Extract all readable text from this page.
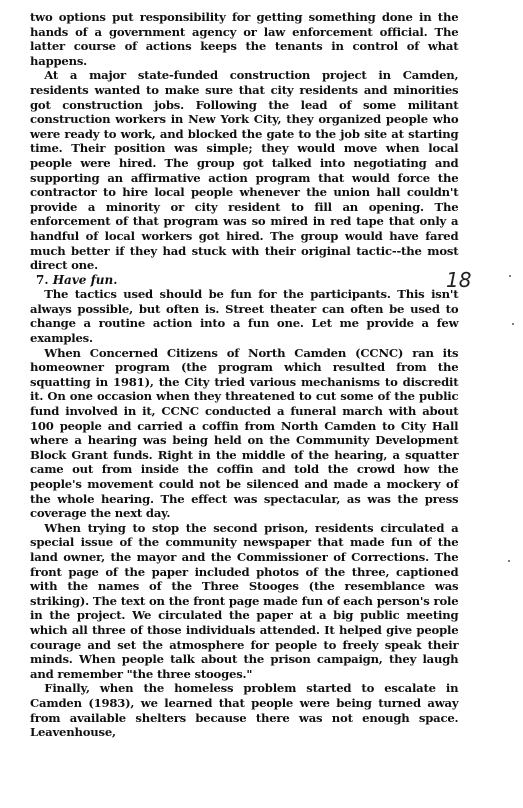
two options put responsibility for getting something done in the hands of a government agency or law enforcement official. The latter course of actions keeps the tenants in control of what happens.

At a major state-funded construction project in Camden, residents wanted to make sure that city residents and minorities got construction jobs. Following the lead of some militant construction workers in New York City, they organized people who were ready to work, and blocked the gate to the job site at starting time. Their position was simple; they would move when local people were hired. The group got talked into negotiating and supporting an affirmative action program that would force the contractor to hire local people whenever the union hall couldn't provide a minority or city resident to fill an opening. The enforcement of that program was so mired in red tape that only a handful of local workers got hired. The group would have fared much better if they had stuck with their original tactic--the most direct one.

7. Have fun.	18

The tactics used should be fun for the participants. This isn't always possible, but often is. Street theater can often be used to change a routine action into a fun one. Let me provide a few examples.

When Concerned Citizens of North Camden (CCNC) ran its homeowner program (the program which resulted from the squatting in 1981), the City tried various mechanisms to discredit it. On one occasion when they threatened to cut some of the public fund involved in it, CCNC conducted a funeral march with about 100 people and carried a coffin from North Camden to City Hall where a hearing was being held on the Community Development Block Grant funds. Right in the middle of the hearing, a squatter came out from inside the coffin and told the crowd how the people's movement could not be silenced and made a mockery of the whole hearing. The effect was spectacular, as was the press coverage the next day.

When trying to stop the second prison, residents circulated a special issue of the community newspaper that made fun of the land owner, the mayor and the Commissioner of Corrections. The front page of the paper included photos of the three, captioned with the names of the Three Stooges (the resemblance was striking). The text on the front page made fun of each person's role in the project. We circulated the paper at a big public meeting which all three of those individuals attended. It helped give people courage and set the atmosphere for people to freely speak their minds. When people talk about the prison campaign, they laugh and remember "the three stooges."

Finally, when the homeless problem started to escalate in Camden (1983), we learned that people were being turned away from available shelters because there was not enough space. Leavenhouse,
